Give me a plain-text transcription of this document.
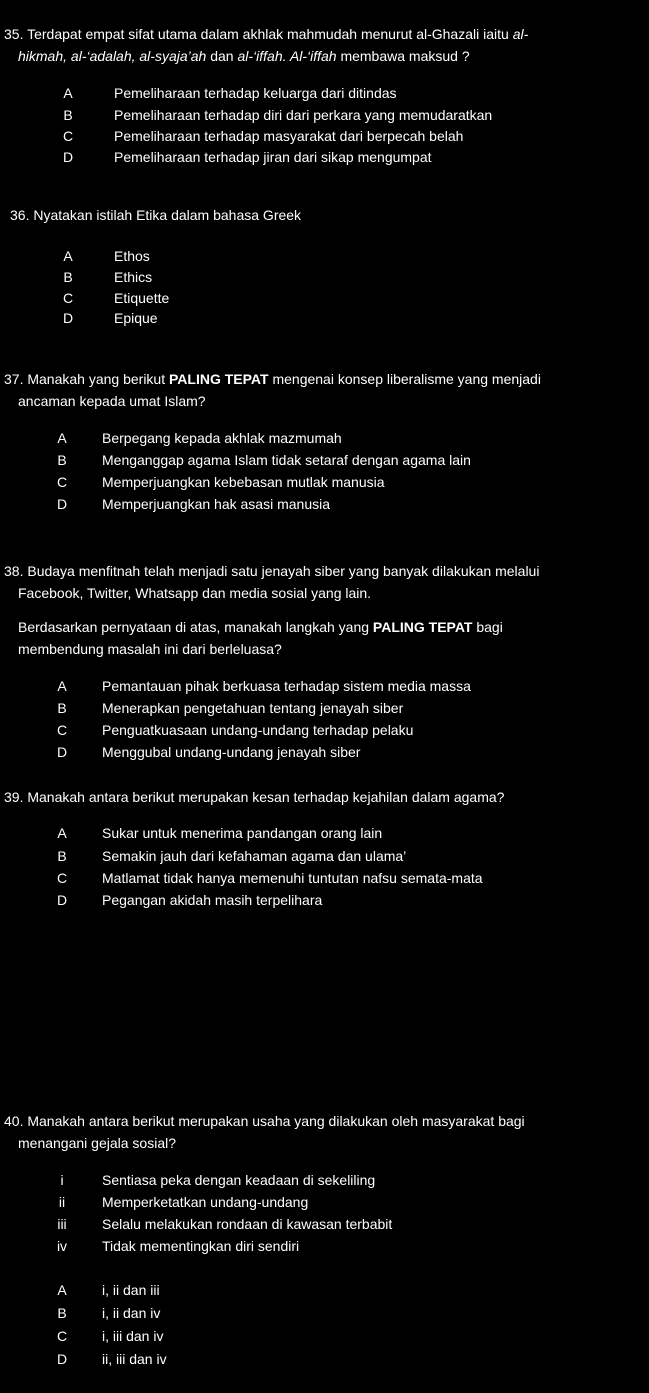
35. Terdapat empat sifat utama dalam akhlak mahmudah menurut al-Ghazali iaitu al-
hikmah, al-‘adalah, al-syaja’ah dan al-‘iffah. Al-‘iffah membawa maksud ?
A	Pemeliharaan terhadap keluarga dari ditindas
B	Pemeliharaan terhadap diri dari perkara yang memudaratkan
C	Pemeliharaan terhadap masyarakat dari berpecah belah
D	Pemeliharaan terhadap jiran dari sikap mengumpat
36. Nyatakan istilah Etika dalam bahasa Greek
A	Ethos
B	Ethics
C	Etiquette
D	Epique
37. Manakah yang berikut PALING TEPAT mengenai konsep liberalisme yang menjadi
ancaman kepada umat Islam?
A	Berpegang kepada akhlak mazmumah
B	Menganggap agama Islam tidak setaraf dengan agama lain
C	Memperjuangkan kebebasan mutlak manusia
D	Memperjuangkan hak asasi manusia
38. Budaya menfitnah telah menjadi satu jenayah siber yang banyak dilakukan melalui
Facebook, Twitter, Whatsapp dan media sosial yang lain.
Berdasarkan pernyataan di atas, manakah langkah yang PALING TEPAT bagi
membendung masalah ini dari berleluasa?
A	Pemantauan pihak berkuasa terhadap sistem media massa
B	Menerapkan pengetahuan tentang jenayah siber
C	Penguatkuasaan undang-undang terhadap pelaku
D	Menggubal undang-undang jenayah siber
39. Manakah antara berikut merupakan kesan terhadap kejahilan dalam agama?
A	Sukar untuk menerima pandangan orang lain
B	Semakin jauh dari kefahaman agama dan ulama’
C	Matlamat tidak hanya memenuhi tuntutan nafsu semata-mata
D	Pegangan akidah masih terpelihara
40. Manakah antara berikut merupakan usaha yang dilakukan oleh masyarakat bagi
menangani gejala sosial?
i	Sentiasa peka dengan keadaan di sekeliling
ii	Memperketatkan undang-undang
iii	Selalu melakukan rondaan di kawasan terbabit
iv	Tidak mementingkan diri sendiri
A	i, ii dan iii
B	i, ii dan iv
C	i, iii dan iv
D	ii, iii dan iv
